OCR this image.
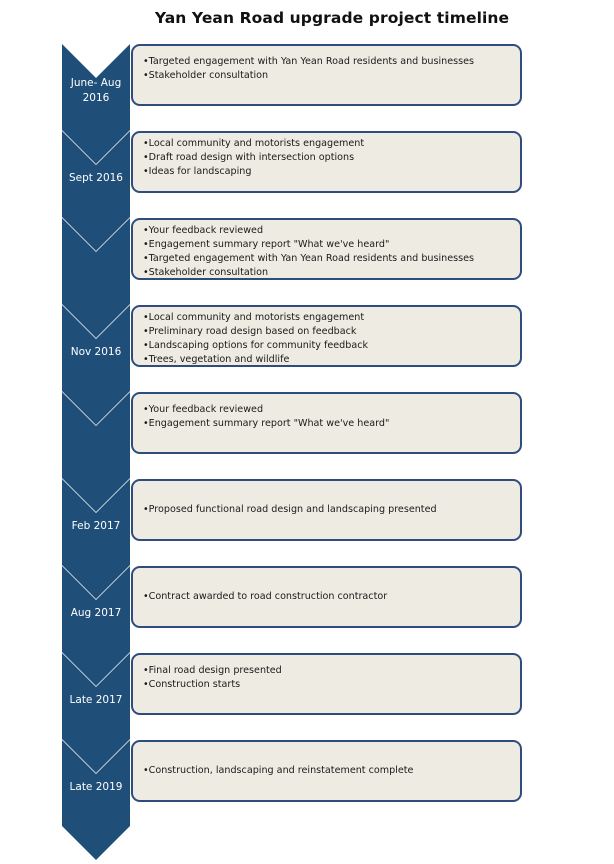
Yan Yean Road upgrade project timeline
June- Aug
2016
•Targeted engagement with Yan Yean Road residents and businesses
•Stakeholder consultation
Sept 2016
•Local community and motorists engagement
•Draft road design with intersection options
•Ideas for landscaping
•Your feedback reviewed
•Engagement summary report "What we've heard"
•Targeted engagement with Yan Yean Road residents and businesses
•Stakeholder consultation
Nov 2016
•Local community and motorists engagement
•Preliminary road design based on feedback
•Landscaping options for community feedback
•Trees, vegetation and wildlife
•Your feedback reviewed
•Engagement summary report "What we've heard"
Feb 2017
•Proposed functional road design and landscaping presented
Aug 2017
•Contract awarded to road construction contractor
Late 2017
•Final road design presented
•Construction starts
Late 2019
•Construction, landscaping and reinstatement complete
